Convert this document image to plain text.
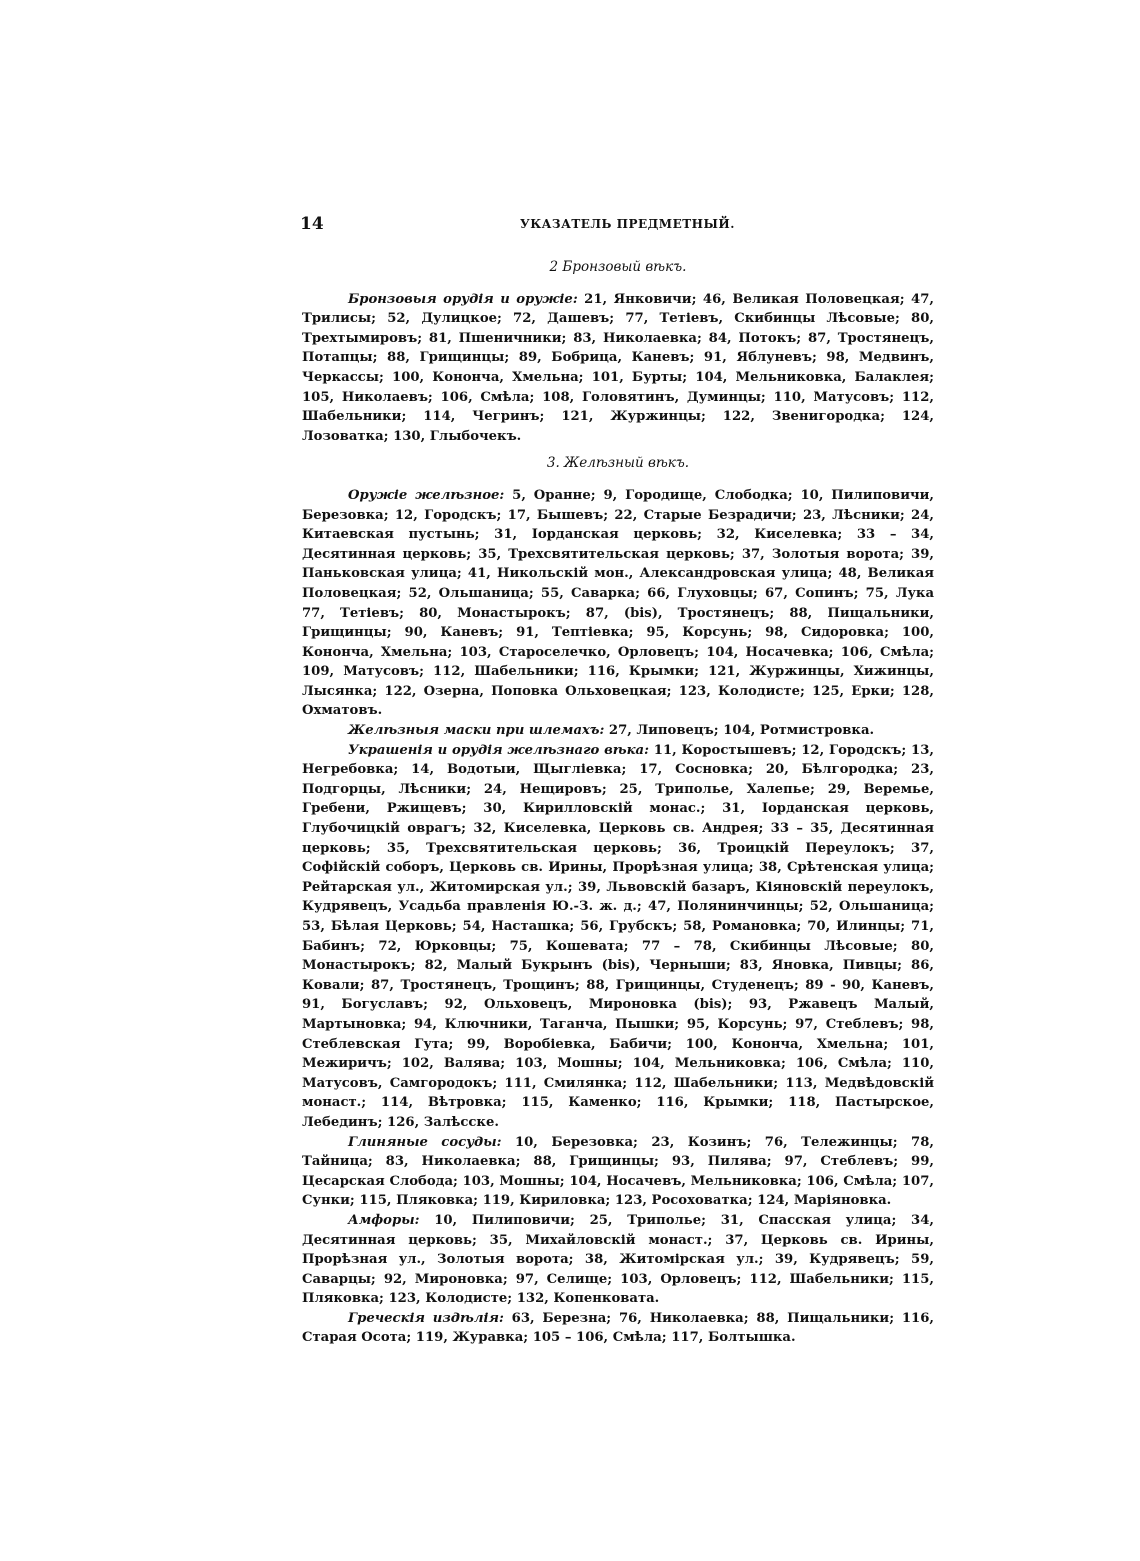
14	УКАЗАТЕЛЬ ПРЕДМЕТНЫЙ.
2 Бронзовый вѣкъ.

Бронзовыя орудія и оружіе: 21, Янковичи; 46, Великая Половецкая; 47, Трилисы; 52, Дулицкое; 72, Дашевъ; 77, Тетіевъ, Скибинцы Лѣсовые; 80, Трехтымировъ; 81, Пшеничники; 83, Николаевка; 84, Потокъ; 87, Тростянецъ, Потапцы; 88, Грищинцы; 89, Бобрица, Каневъ; 91, Яблуневъ; 98, Медвинъ, Черкассы; 100, Конончa, Хмельна; 101, Бурты; 104, Мельниковка, Балаклея; 105, Николаевъ; 106, Смѣла; 108, Головятинъ, Думинцы; 110, Матусовъ; 112, Шабельники; 114, Чегринъ; 121, Журжинцы; 122, Звенигородка; 124, Лозоватка; 130, Глыбочекъ.

3. Желѣзный вѣкъ.

Оружіе желѣзное: 5, Оранне; 9, Городище, Слободка; 10, Пилиповичи, Березовка; 12, Городскъ; 17, Бышевъ; 22, Старые Безрадичи; 23, Лѣсники; 24, Китаевская пустынь; 31, Іорданская церковь; 32, Киселевка; 33 – 34, Десятинная церковь; 35, Трехсвятительская церковь; 37, Золотыя ворота; 39, Паньковская улица; 41, Никольскій мон., Александровская улица; 48, Великая Половецкая; 52, Ольшаница; 55, Саварка; 66, Глуховцы; 67, Сопинъ; 75, Лука 77, Тетіевъ; 80, Монастырокъ; 87, (bis), Тростянецъ; 88, Пищальники, Грищинцы; 90, Каневъ; 91, Тептіевка; 95, Корсунь; 98, Сидоровка; 100, Конончa, Хмельна; 103, Староселечко, Орловецъ; 104, Носачевка; 106, Смѣла; 109, Матусовъ; 112, Шабельники; 116, Крымки; 121, Журжинцы, Хижинцы, Лысянка; 122, Озерна, Поповка Ольховецкая; 123, Колодисте; 125, Ерки; 128, Охматовъ.

Желѣзныя маски при шлемахъ: 27, Липовецъ; 104, Ротмистровка.

Украшенія и орудія желѣзнаго вѣка: 11, Коростышевъ; 12, Городскъ; 13, Негребовка; 14, Водотыи, Щыгліевка; 17, Сосновка; 20, Бѣлгородка; 23, Подгорцы, Лѣсники; 24, Нещировъ; 25, Триполье, Халепье; 29, Веремье, Гребени, Ржищевъ; 30, Кирилловскій монас.; 31, Іорданская церковь, Глубочицкій оврагъ; 32, Киселевка, Церковь св. Андрея; 33 – 35, Десятинная церковь; 35, Трехсвятительская церковь; 36, Троицкій Переулокъ; 37, Софійскій соборъ, Церковь св. Ирины, Прорѣзная улица; 38, Срѣтенская улица; Рейтарская ул., Житомирская ул.; 39, Львовскій базаръ, Кіяновскій переулокъ, Кудрявецъ, Усадьба правленія Ю.-З. ж. д.; 47, Полянинчинцы; 52, Ольшаница; 53, Бѣлая Церковь; 54, Насташка; 56, Грубскъ; 58, Романовка; 70, Илинцы; 71, Бабинъ; 72, Юрковцы; 75, Кошевата; 77 – 78, Скибинцы Лѣсовые; 80, Монастырокъ; 82, Малый Букрынъ (bis), Черныши; 83, Яновка, Пивцы; 86, Ковали; 87, Тростянецъ, Трощинъ; 88, Грищинцы, Студенецъ; 89 - 90, Каневъ, 91, Богуславъ; 92, Ольховецъ, Мироновка (bis); 93, Ржавецъ Малый, Мартыновка; 94, Ключники, Таганча, Пышки; 95, Корсунь; 97, Стеблевъ; 98, Стеблевская Гута; 99, Воробіевка, Бабичи; 100, Конончa, Хмельна; 101, Межиричъ; 102, Валява; 103, Мошны; 104, Мельниковка; 106, Смѣла; 110, Матусовъ, Самгородокъ; 111, Смилянка; 112, Шабельники; 113, Медвѣдовскій монаст.; 114, Вѣтровка; 115, Каменко; 116, Крымки; 118, Пастырское, Лебединъ; 126, Залѣсске.

Глиняные сосуды: 10, Березовка; 23, Козинъ; 76, Тележинцы; 78, Тайница; 83, Николаевка; 88, Грищинцы; 93, Пилява; 97, Стеблевъ; 99, Цесарская Слобода; 103, Мошны; 104, Носачевъ, Мельниковка; 106, Смѣла; 107, Сунки; 115, Пляковка; 119, Кириловка; 123, Росоховатка; 124, Маріяновка.

Амфоры: 10, Пилиповичи; 25, Триполье; 31, Спасская улица; 34, Десятинная церковь; 35, Михайловскій монаст.; 37, Церковь св. Ирины, Прорѣзная ул., Золотыя ворота; 38, Житомірская ул.; 39, Кудрявецъ; 59, Саварцы; 92, Мироновка; 97, Селище; 103, Орловецъ; 112, Шабельники; 115, Пляковка; 123, Колодисте; 132, Копенковата.

Греческія издѣлія: 63, Березна; 76, Николаевка; 88, Пищальники; 116, Старая Осота; 119, Журавка; 105 – 106, Смѣла; 117, Болтышка.
